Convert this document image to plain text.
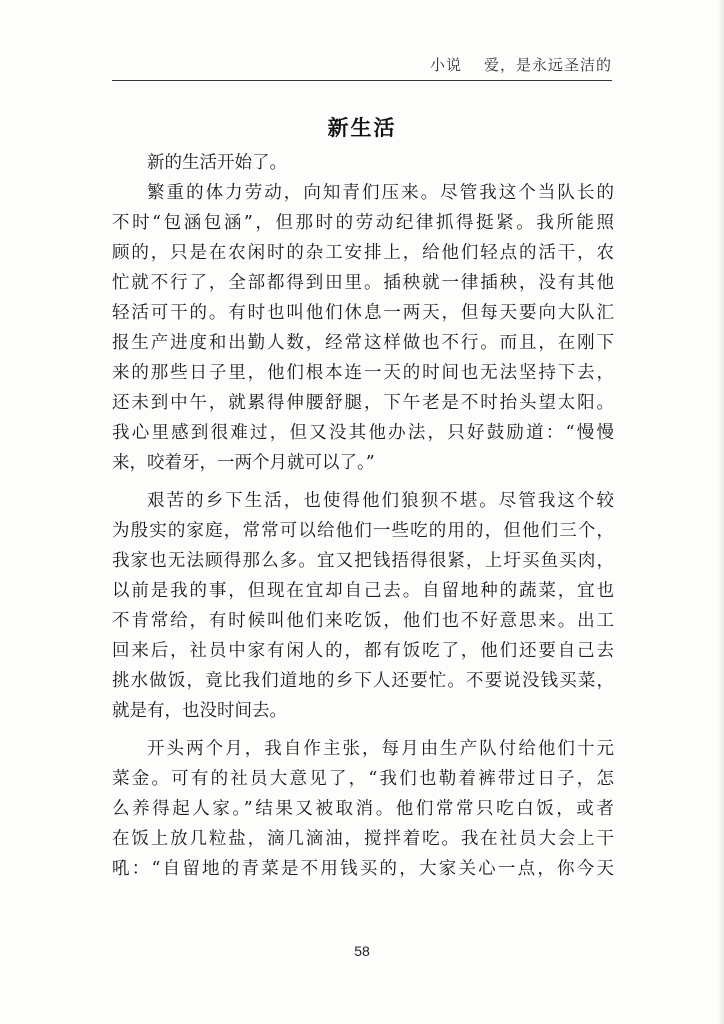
小说 爱，是永远圣洁的
新生活
新的生活开始了。
繁重的体力劳动，向知青们压来。尽管我这个当队长的
不时“包涵包涵”，但那时的劳动纪律抓得挺紧。我所能照
顾的，只是在农闲时的杂工安排上，给他们轻点的活干，农
忙就不行了，全部都得到田里。插秧就一律插秧，没有其他
轻活可干的。有时也叫他们休息一两天，但每天要向大队汇
报生产进度和出勤人数，经常这样做也不行。而且，在刚下
来的那些日子里，他们根本连一天的时间也无法坚持下去，
还未到中午，就累得伸腰舒腿，下午老是不时抬头望太阳。
我心里感到很难过，但又没其他办法，只好鼓励道：“慢慢
来，咬着牙，一两个月就可以了。”
艰苦的乡下生活，也使得他们狼狈不堪。尽管我这个较
为殷实的家庭，常常可以给他们一些吃的用的，但他们三个，
我家也无法顾得那么多。宜又把钱捂得很紧，上圩买鱼买肉，
以前是我的事，但现在宜却自己去。自留地种的蔬菜，宜也
不肯常给，有时候叫他们来吃饭，他们也不好意思来。出工
回来后，社员中家有闲人的，都有饭吃了，他们还要自己去
挑水做饭，竟比我们道地的乡下人还要忙。不要说没钱买菜，
就是有，也没时间去。
开头两个月，我自作主张，每月由生产队付给他们十元
菜金。可有的社员大意见了，“我们也勒着裤带过日子，怎
么养得起人家。”结果又被取消。他们常常只吃白饭，或者
在饭上放几粒盐，滴几滴油，搅拌着吃。我在社员大会上干
吼：“自留地的青菜是不用钱买的，大家关心一点，你今天
58
